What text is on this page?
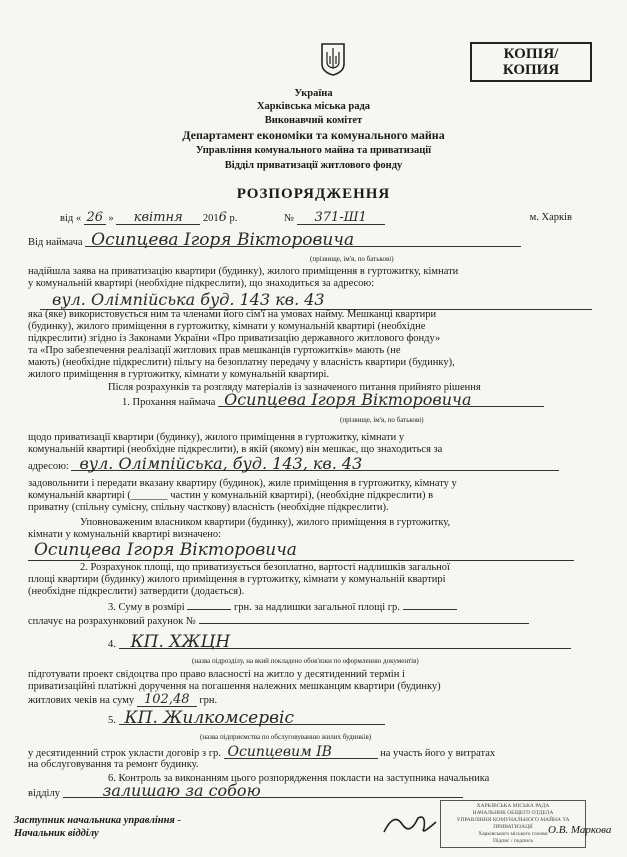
КОПІЯ/
КОПИЯ
Україна
Харківська міська рада
Виконавчий комітет
Департамент економіки та комунального майна
Управління комунального майна та приватизації
Відділ приватизації житлового фонду
РОЗПОРЯДЖЕННЯ
від « 26 » квітня 2016 р.	№ 371-Ш1	м. Харків
Від наймача Осипцева Ігоря Вікторовича
(прізвище, ім'я, по батькові)
надійшла заява на приватизацію квартири (будинку), жилого приміщення в гуртожитку, кімнати
у комунальній квартирі (необхідне підкреслити), що знаходиться за адресою:
вул. Олімпійська буд. 143 кв. 43
яка (яке) використовується ним та членами його сім'ї на умовах найму. Мешканці квартири
(будинку), жилого приміщення в гуртожитку, кімнати у комунальній квартирі (необхідне
підкреслити) згідно із Законами України «Про приватизацію державного житлового фонду»
та «Про забезпечення реалізації житлових прав мешканців гуртожитків» мають (не
мають) (необхідне підкреслити) пільгу на безоплатну передачу у власність квартири (будинку),
жилого приміщення в гуртожитку, кімнати у комунальній квартирі.
Після розрахунків та розгляду матеріалів із зазначеного питання прийнято рішення
1. Прохання наймача Осипцева Ігоря Вікторовича
(прізвище, ім'я, по батькові)
щодо приватизації квартири (будинку), жилого приміщення в гуртожитку, кімнати у
комунальній квартирі (необхідне підкреслити), в якій (якому) він мешкає, що знаходиться за
адресою: вул. Олімпійська, буд. 143, кв. 43
задовольнити і передати вказану квартиру (будинок), жиле приміщення в гуртожитку, кімнату у
комунальній квартирі (_______ частин у комунальній квартирі), (необхідне підкреслити) в
приватну (спільну сумісну, спільну часткову) власність (необхідне підкреслити).
Уповноваженим власником квартири (будинку), жилого приміщення в гуртожитку,
кімнати у комунальній квартирі визначено:
Осипцева Ігоря Вікторовича
2. Розрахунок площі, що приватизується безоплатно, вартості надлишків загальної
площі квартири (будинку) жилого приміщення в гуртожитку, кімнати у комунальній квартирі
(необхідне підкреслити) затвердити (додається).
3. Суму в розмірі	грн. за надлишки загальної площі гр.
сплачує на розрахунковий рахунок №
4. КП. ХЖЦН
(назва підрозділу, на який покладено обов'язки по оформленню документів)
підготувати проект свідоцтва про право власності на житло у десятиденний термін і
приватизаційні платіжні доручення на погашення належних мешканцям квартири (будинку)
житлових чеків на суму 102,48 грн.
5. КП. Жилкомсервіс
(назва підприємства по обслуговуванню жилих будинків)
у десятиденний строк укласти договір з гр. Осипцевим ІВ	на участь його у витратах
на обслуговування та ремонт будинку.
6. Контроль за виконанням цього розпорядження покласти на заступника начальника
відділу	залишаю за собою
ХАРКІВСЬКА МІСЬКА РАДА
НАЧАЛЬНИК ОБЩЕГО ОТДЕЛА
УПРАВЛІННЯ КОМУНАЛЬНОГО МАЙНА ТА ПРИВАТИЗАЦІЇ
Харківського міського голови
Підпис / подпись
Заступник начальника управління -
Начальник відділу	О.В. Маркова
